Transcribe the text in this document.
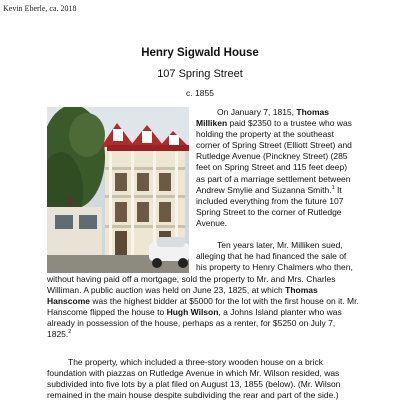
Kevin Eberle, ca. 2018
Henry Sigwald House
107 Spring Street
c. 1855

On January 7, 1815, Thomas Milliken paid $2350 to a trustee who was holding the property at the southeast corner of Spring Street (Elliott Street) and Rutledge Avenue (Pinckney Street) (285 feet on Spring Street and 115 feet deep) as part of a marriage settlement between Andrew Smylie and Suzanna Smith.$^1$ It included everything from the future 107 Spring Street to the corner of Rutledge Avenue.

Ten years later, Mr. Milliken sued, alleging that he had financed the sale of his property to Henry Chalmers who then,

without having paid off a mortgage, sold the property to Mr. and Mrs. Charles Williman. A public auction was held on June 23, 1825, at which Thomas Hanscome was the highest bidder at $5000 for the lot with the first house on it. Mr. Hanscome flipped the house to Hugh Wilson, a Johns Island planter who was already in possession of the house, perhaps as a renter, for $5250 on July 7, 1825.$^2$

The property, which included a three-story wooden house on a brick foundation with piazzas on Rutledge Avenue in which Mr. Wilson resided, was subdivided into five lots by a plat filed on August 13, 1855 (below). (Mr. Wilson remained in the main house despite subdividing the rear and part of the side.)
